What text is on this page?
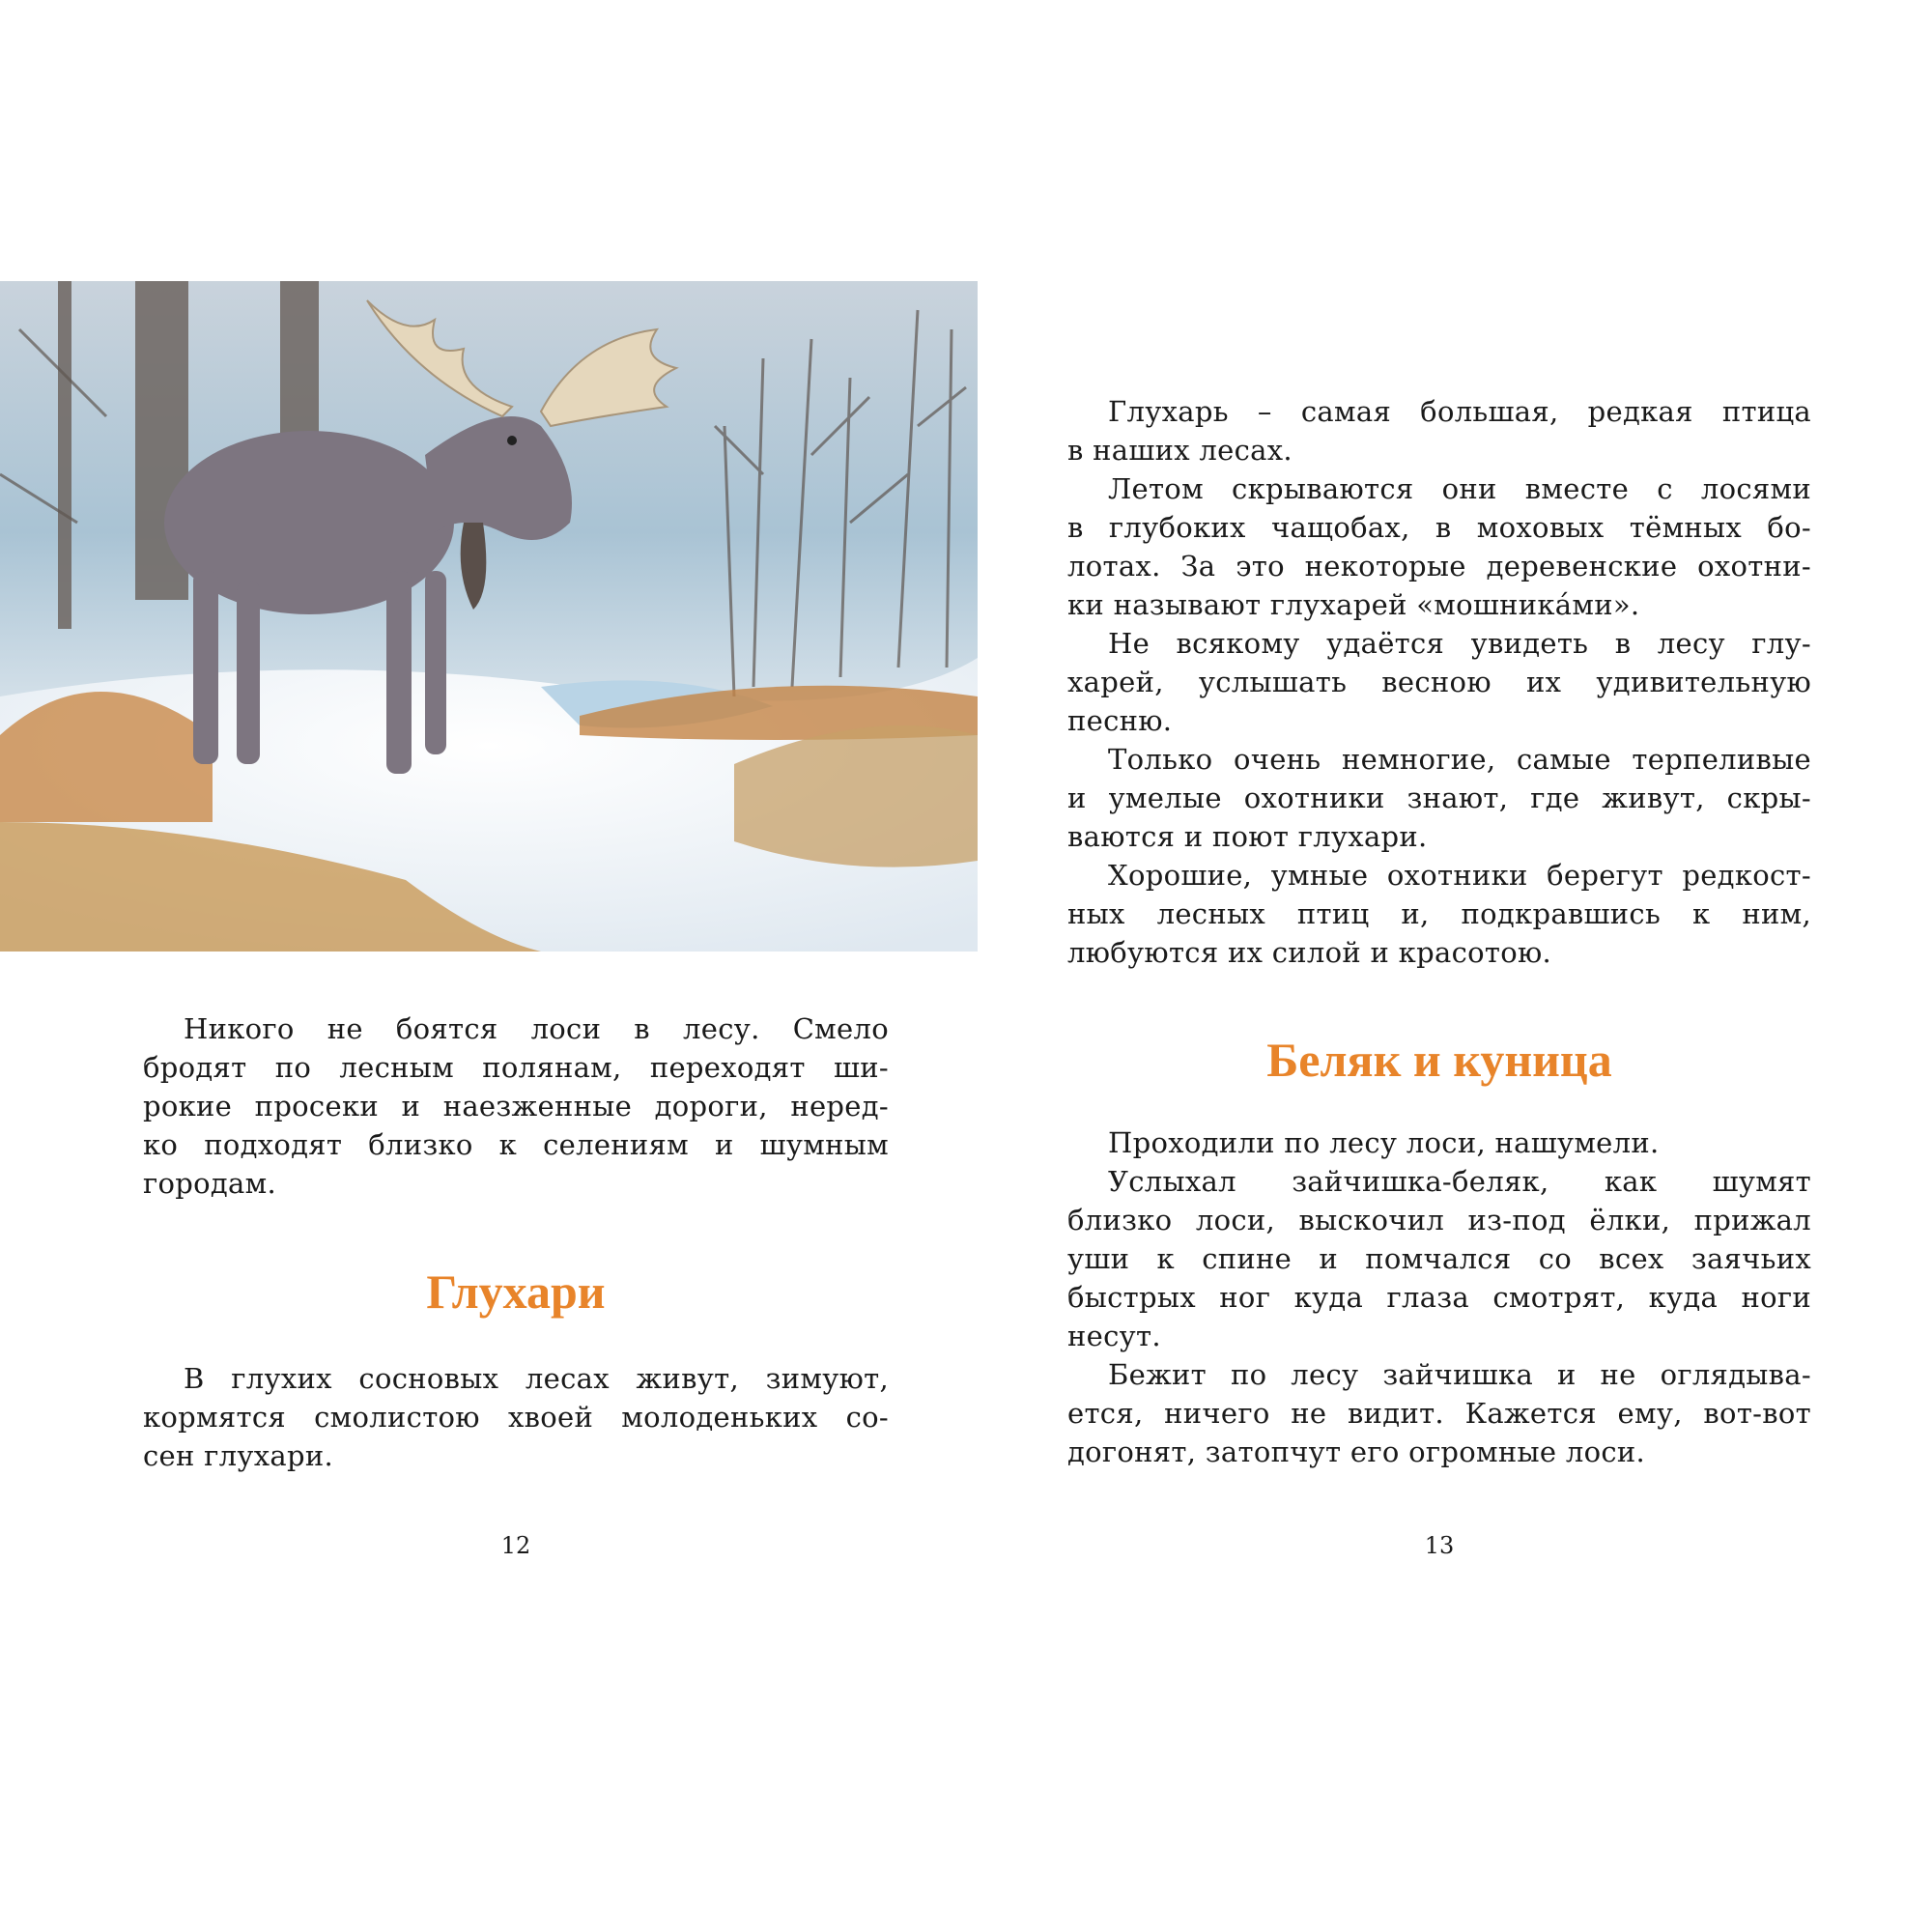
Никого не боятся лоси в лесу. Смело
бродят по лесным полянам, переходят ши-
рокие просеки и наезженные дороги, неред-
ко подходят близко к селениям и шумным
городам.
Глухари
В глухих сосновых лесах живут, зимуют,
кормятся смолистою хвоей молоденьких со-
сен глухари.
12
Глухарь – самая большая, редкая птица
в наших лесах.
Летом скрываются они вместе с лосями
в глубоких чащобах, в моховых тёмных бо-
лотах. За это некоторые деревенские охотни-
ки называют глухарей «мошника́ми».
Не всякому удаётся увидеть в лесу глу-
харей, услышать весною их удивительную
песню.
Только очень немногие, самые терпеливые
и умелые охотники знают, где живут, скры-
ваются и поют глухари.
Хорошие, умные охотники берегут редкост-
ных лесных птиц и, подкравшись к ним,
любуются их силой и красотою.
Беляк и куница
Проходили по лесу лоси, нашумели.
Услыхал зайчишка-беляк, как шумят
близко лоси, выскочил из-под ёлки, прижал
уши к спине и помчался со всех заячьих
быстрых ног куда глаза смотрят, куда ноги
несут.
Бежит по лесу зайчишка и не оглядыва-
ется, ничего не видит. Кажется ему, вот-вот
догонят, затопчут его огромные лоси.
13
